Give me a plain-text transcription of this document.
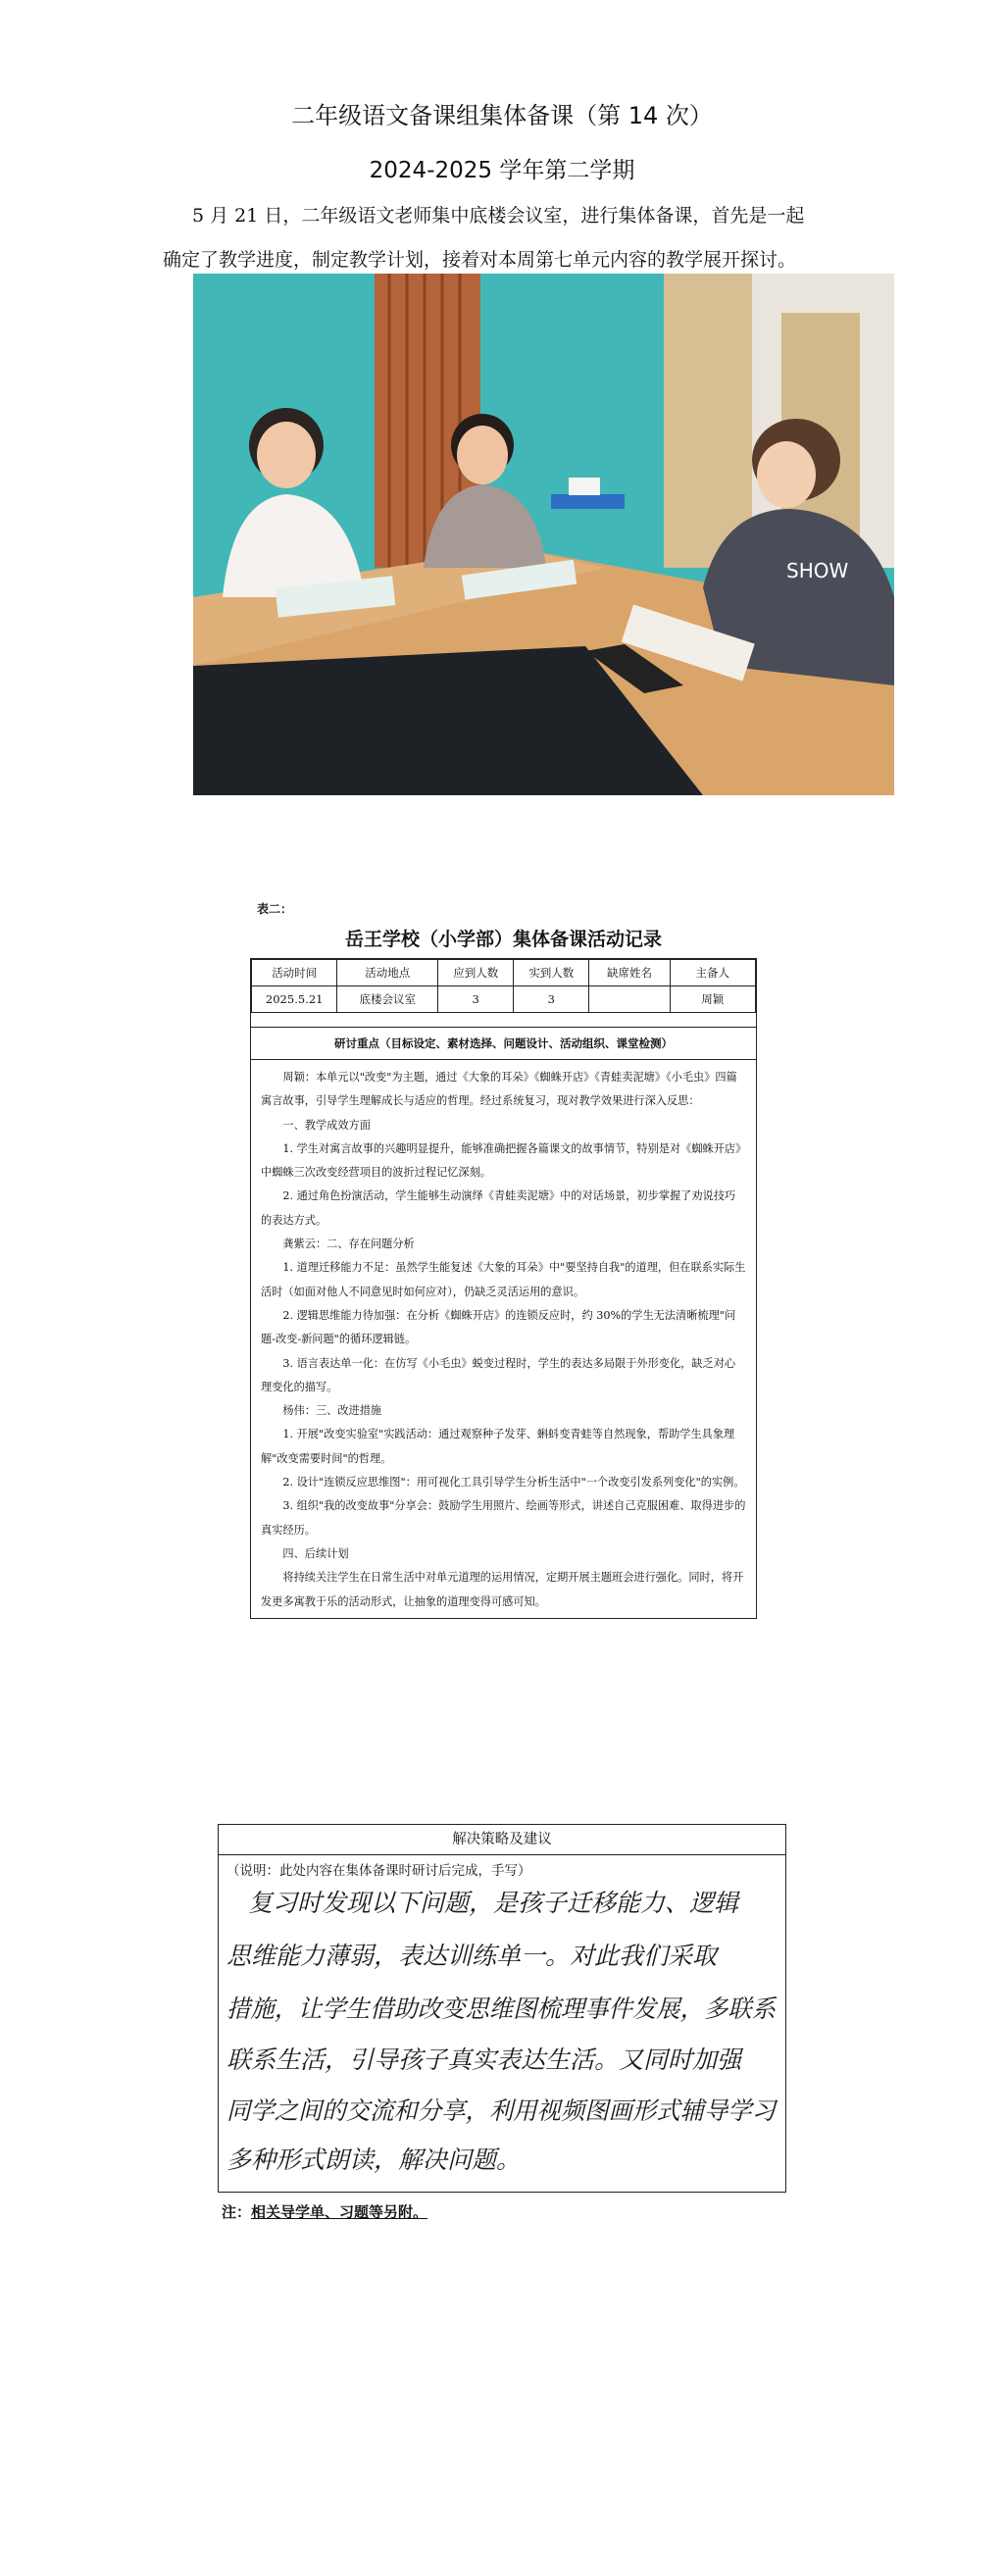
二年级语文备课组集体备课（第 14 次）
2024-2025 学年第二学期
5 月 21 日，二年级语文老师集中底楼会议室，进行集体备课，首先是一起
确定了教学进度，制定教学计划，接着对本周第七单元内容的教学展开探讨。
SHOW
表二：
岳王学校（小学部）集体备课活动记录
活动时间	活动地点	应到人数	实到人数	缺席姓名	主备人
2025.5.21	底楼会议室	3	3		周颖
研讨重点（目标设定、素材选择、问题设计、活动组织、课堂检测）

周颖：本单元以"改变"为主题，通过《大象的耳朵》《蜘蛛开店》《青蛙卖泥塘》《小毛虫》四篇寓言故事，引导学生理解成长与适应的哲理。经过系统复习，现对教学效果进行深入反思：

一、教学成效方面

1. 学生对寓言故事的兴趣明显提升，能够准确把握各篇课文的故事情节，特别是对《蜘蛛开店》中蜘蛛三次改变经营项目的波折过程记忆深刻。

2. 通过角色扮演活动，学生能够生动演绎《青蛙卖泥塘》中的对话场景，初步掌握了劝说技巧的表达方式。

龚紫云：二、存在问题分析

1. 道理迁移能力不足：虽然学生能复述《大象的耳朵》中"要坚持自我"的道理，但在联系实际生活时（如面对他人不同意见时如何应对），仍缺乏灵活运用的意识。

2. 逻辑思维能力待加强：在分析《蜘蛛开店》的连锁反应时，约 30%的学生无法清晰梳理"问题-改变-新问题"的循环逻辑链。

3. 语言表达单一化：在仿写《小毛虫》蜕变过程时，学生的表达多局限于外形变化，缺乏对心理变化的描写。

杨伟：三、改进措施

1. 开展"改变实验室"实践活动：通过观察种子发芽、蝌蚪变青蛙等自然现象，帮助学生具象理解"改变需要时间"的哲理。

2. 设计"连锁反应思维图"：用可视化工具引导学生分析生活中"一个改变引发系列变化"的实例。

3. 组织"我的改变故事"分享会：鼓励学生用照片、绘画等形式，讲述自己克服困难、取得进步的真实经历。

四、后续计划

将持续关注学生在日常生活中对单元道理的运用情况，定期开展主题班会进行强化。同时，将开发更多寓教于乐的活动形式，让抽象的道理变得可感可知。

解决策略及建议
（说明：此处内容在集体备课时研讨后完成，手写）
复习时发现以下问题，是孩子迁移能力、逻辑
思维能力薄弱，表达训练单一。对此我们采取
措施，让学生借助改变思维图梳理事件发展，多联系
联系生活，引导孩子真实表达生活。又同时加强
同学之间的交流和分享，利用视频图画形式辅导学习
多种形式朗读，解决问题。
注：相关导学单、习题等另附。
